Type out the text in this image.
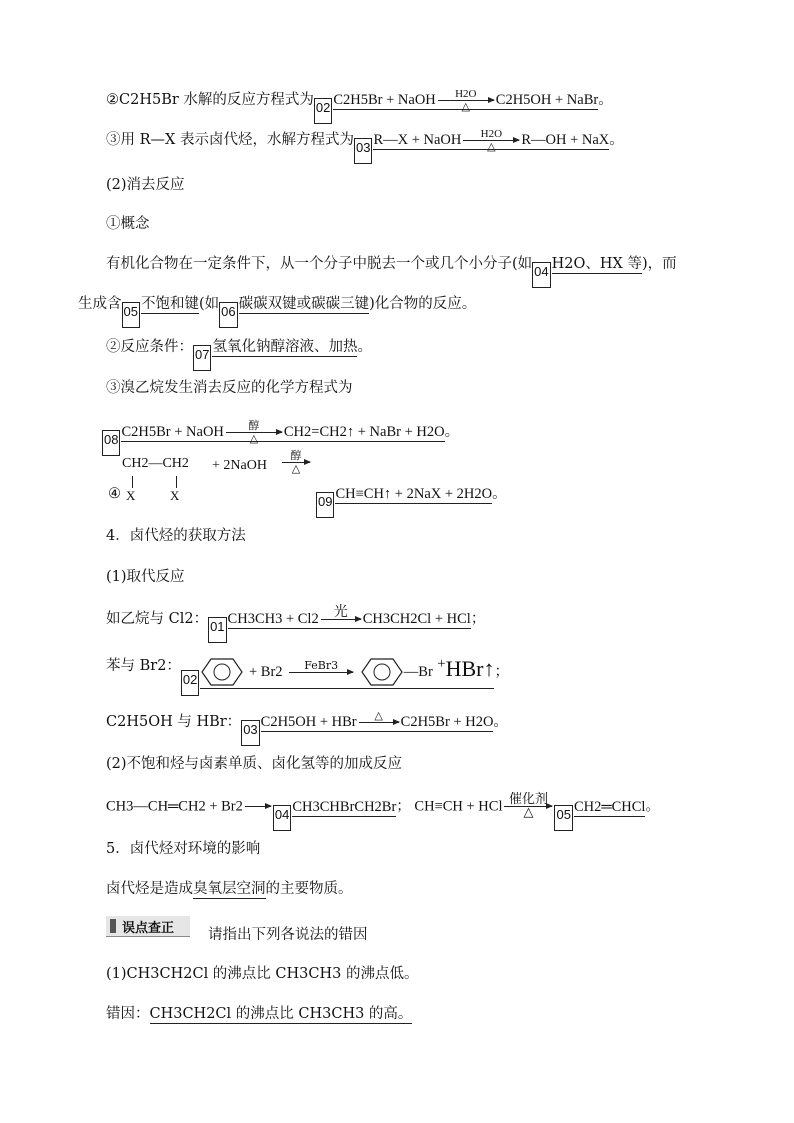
②C2H5Br 水解的反应方程式为 02 C2H5Br + NaOH	H2O
△	C2H5OH + NaBr。
③用 R—X 表示卤代烃，水解方程式为 03 R—X + NaOH	H2O
△	R—OH + NaX。
(2)消去反应
①概念
有机化合物在一定条件下，从一个分子中脱去一个或几个小分子(如 04 H2O、HX 等)，而
生成含 05 不饱和键(如 06 碳碳双键或碳碳三键)化合物的反应。
②反应条件： 07 氢氧化钠醇溶液、加热。
③溴乙烷发生消去反应的化学方程式为
08 C2H5Br + NaOH	醇
△	CH2=CH2↑ + NaBr + H2O。
CH2—CH2
④ X	X
+ 2NaOH
醇
△
09 CH≡CH↑ + 2NaX + 2H2O。
4．卤代烃的获取方法
(1)取代反应
如乙烷与 Cl2： 01 CH3CH3 + Cl2	光
	CH3CH2Cl + HCl；
苯与 Br2：02	+ Br2	FeBr3
	—Br +HBr↑；
C2H5OH 与 HBr： 03 C2H5OH + HBr	△
	C2H5Br + H2O。
(2)不饱和烃与卤素单质、卤化氢等的加成反应
CH3—CH═CH2 + Br2

04 CH3CHBrCH2Br； CH≡CH + HCl 催化剂
△	05 CH2═CHCl。
5．卤代烃对环境的影响
卤代烃是造成臭氧层空洞的主要物质。
误点查正 请指出下列各说法的错因
(1)CH3CH2Cl 的沸点比 CH3CH3 的沸点低。
错因：CH3CH2Cl 的沸点比 CH3CH3 的高。
